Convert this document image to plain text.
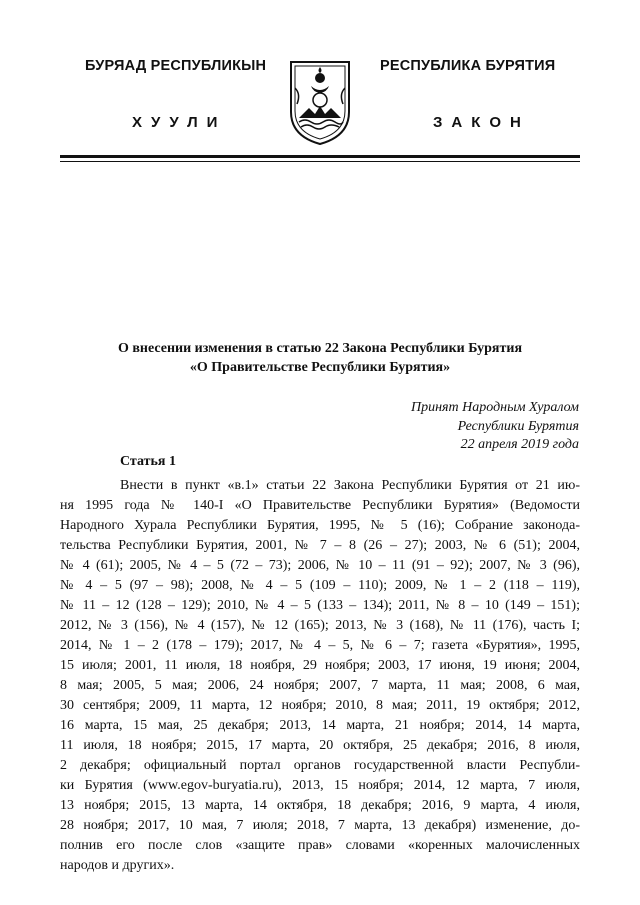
БУРЯАД РЕСПУБЛИКЫН	РЕСПУБЛИКА БУРЯТИЯ
ХУУЛИ	ЗАКОН
О внесении изменения в статью 22 Закона Республики Бурятия
«О Правительстве Республики Бурятия»
Принят Народным Хуралом
Республики Бурятия
22 апреля 2019 года
Статья 1
Внести в пункт «в.1» статьи 22 Закона Республики Бурятия от 21 ию-
ня 1995 года № 140-I «О Правительстве Республики Бурятия» (Ведомости
Народного Хурала Республики Бурятия, 1995, № 5 (16); Собрание законода-
тельства Республики Бурятия, 2001, № 7 – 8 (26 – 27); 2003, № 6 (51); 2004,
№ 4 (61); 2005, № 4 – 5 (72 – 73); 2006, № 10 – 11 (91 – 92); 2007, № 3 (96),
№ 4 – 5 (97 – 98); 2008, № 4 – 5 (109 – 110); 2009, № 1 – 2 (118 – 119),
№ 11 – 12 (128 – 129); 2010, № 4 – 5 (133 – 134); 2011, № 8 – 10 (149 – 151);
2012, № 3 (156), № 4 (157), № 12 (165); 2013, № 3 (168), № 11 (176), часть I;
2014, № 1 – 2 (178 – 179); 2017, № 4 – 5, № 6 – 7; газета «Бурятия», 1995,
15 июля; 2001, 11 июля, 18 ноября, 29 ноября; 2003, 17 июня, 19 июня; 2004,
8 мая; 2005, 5 мая; 2006, 24 ноября; 2007, 7 марта, 11 мая; 2008, 6 мая,
30 сентября; 2009, 11 марта, 12 ноября; 2010, 8 мая; 2011, 19 октября; 2012,
16 марта, 15 мая, 25 декабря; 2013, 14 марта, 21 ноября; 2014, 14 марта,
11 июля, 18 ноября; 2015, 17 марта, 20 октября, 25 декабря; 2016, 8 июля,
2 декабря; официальный портал органов государственной власти Республи-
ки Бурятия (www.egov-buryatia.ru), 2013, 15 ноября; 2014, 12 марта, 7 июля,
13 ноября; 2015, 13 марта, 14 октября, 18 декабря; 2016, 9 марта, 4 июля,
28 ноября; 2017, 10 мая, 7 июля; 2018, 7 марта, 13 декабря) изменение, до-
полнив его после слов «защите прав» словами «коренных малочисленных
народов и других».
